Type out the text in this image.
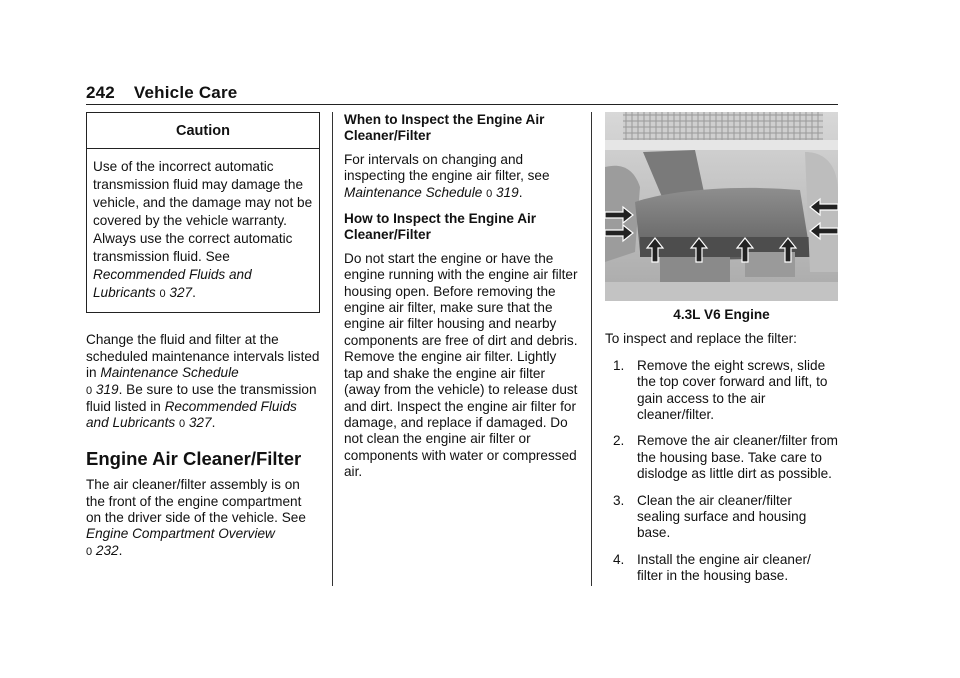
242 Vehicle Care
Caution
Use of the incorrect automatic transmission fluid may damage the vehicle, and the damage may not be covered by the vehicle warranty. Always use the correct automatic transmission fluid. See Recommended Fluids and Lubricants 0 327.

Change the fluid and filter at the scheduled maintenance intervals listed in Maintenance Schedule
0 319. Be sure to use the transmission fluid listed in Recommended Fluids and Lubricants 0 327.

Engine Air Cleaner/Filter

The air cleaner/filter assembly is on the front of the engine compartment on the driver side of the vehicle. See Engine Compartment Overview
0 232.

When to Inspect the Engine Air Cleaner/Filter

For intervals on changing and inspecting the engine air filter, see Maintenance Schedule 0 319.

How to Inspect the Engine Air Cleaner/Filter

Do not start the engine or have the engine running with the engine air filter housing open. Before removing the engine air filter, make sure that the engine air filter housing and nearby components are free of dirt and debris. Remove the engine air filter. Lightly tap and shake the engine air filter (away from the vehicle) to release dust and dirt. Inspect the engine air filter for damage, and replace if damaged. Do not clean the engine air filter or components with water or compressed air.

4.3L V6 Engine

To inspect and replace the filter:

1. Remove the eight screws, slide the top cover forward and lift, to gain access to the air cleaner/filter.
2. Remove the air cleaner/filter from the housing base. Take care to dislodge as little dirt as possible.
3. Clean the air cleaner/filter sealing surface and housing base.
4. Install the engine air cleaner/ filter in the housing base.
